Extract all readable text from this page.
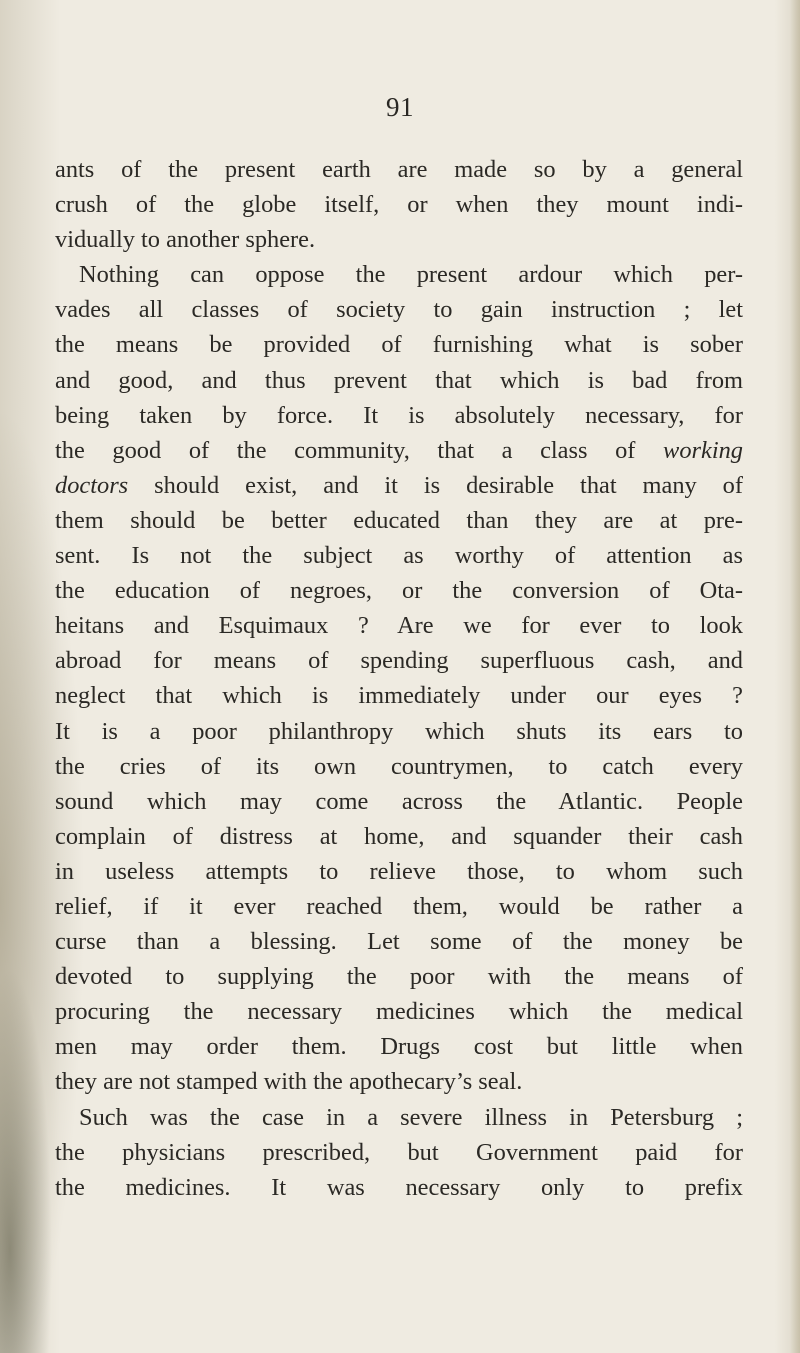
91
ants of the present earth are made so by a general
crush of the globe itself, or when they mount indi-
vidually to another sphere.
Nothing can oppose the present ardour which per-
vades all classes of society to gain instruction ; let
the means be provided of furnishing what is sober
and good, and thus prevent that which is bad from
being taken by force. It is absolutely necessary, for
the good of the community, that a class of working
doctors should exist, and it is desirable that many of
them should be better educated than they are at pre-
sent. Is not the subject as worthy of attention as
the education of negroes, or the conversion of Ota-
heitans and Esquimaux ? Are we for ever to look
abroad for means of spending superfluous cash, and
neglect that which is immediately under our eyes ?
It is a poor philanthropy which shuts its ears to
the cries of its own countrymen, to catch every
sound which may come across the Atlantic. People
complain of distress at home, and squander their cash
in useless attempts to relieve those, to whom such
relief, if it ever reached them, would be rather a
curse than a blessing. Let some of the money be
devoted to supplying the poor with the means of
procuring the necessary medicines which the medical
men may order them. Drugs cost but little when
they are not stamped with the apothecary’s seal.
Such was the case in a severe illness in Petersburg ;
the physicians prescribed, but Government paid for
the medicines. It was necessary only to prefix
